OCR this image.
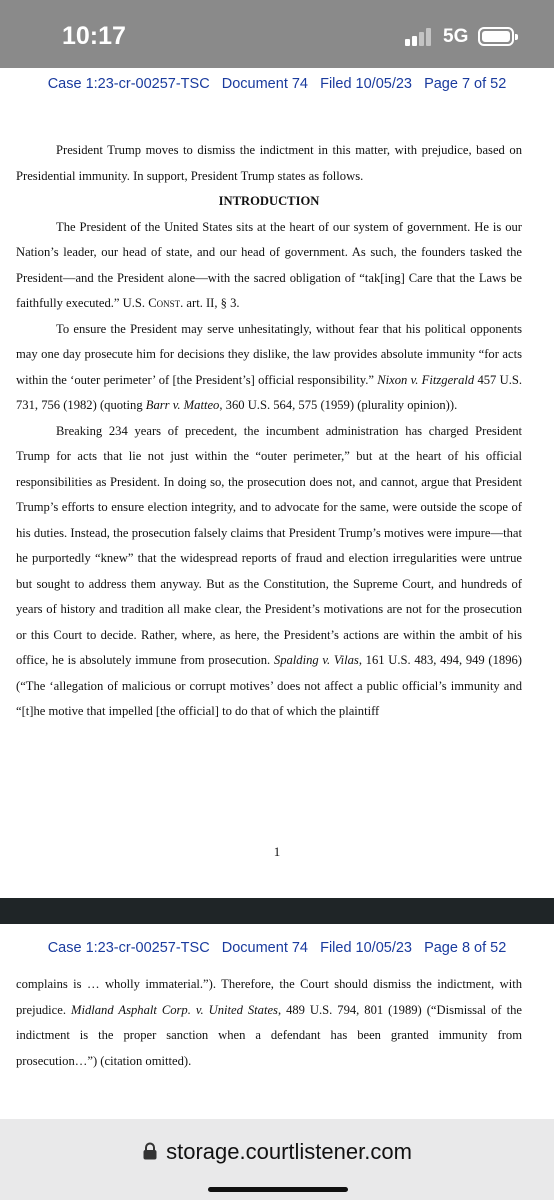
10:17	5G
Case 1:23-cr-00257-TSC   Document 74   Filed 10/05/23   Page 7 of 52

President Trump moves to dismiss the indictment in this matter, with prejudice, based on Presidential immunity. In support, President Trump states as follows.

INTRODUCTION

The President of the United States sits at the heart of our system of government. He is our Nation’s leader, our head of state, and our head of government. As such, the founders tasked the President—and the President alone—with the sacred obligation of “tak[ing] Care that the Laws be faithfully executed.” U.S. Const. art. II, § 3.

To ensure the President may serve unhesitatingly, without fear that his political opponents may one day prosecute him for decisions they dislike, the law provides absolute immunity “for acts within the ‘outer perimeter’ of [the President’s] official responsibility.” Nixon v. Fitzgerald 457 U.S. 731, 756 (1982) (quoting Barr v. Matteo, 360 U.S. 564, 575 (1959) (plurality opinion)).

Breaking 234 years of precedent, the incumbent administration has charged President Trump for acts that lie not just within the “outer perimeter,” but at the heart of his official responsibilities as President. In doing so, the prosecution does not, and cannot, argue that President Trump’s efforts to ensure election integrity, and to advocate for the same, were outside the scope of his duties. Instead, the prosecution falsely claims that President Trump’s motives were impure—that he purportedly “knew” that the widespread reports of fraud and election irregularities were untrue but sought to address them anyway. But as the Constitution, the Supreme Court, and hundreds of years of history and tradition all make clear, the President’s motivations are not for the prosecution or this Court to decide. Rather, where, as here, the President’s actions are within the ambit of his office, he is absolutely immune from prosecution. Spalding v. Vilas, 161 U.S. 483, 494, 949 (1896) (“The ‘allegation of malicious or corrupt motives’ does not affect a public official’s immunity and “[t]he motive that impelled [the official] to do that of which the plaintiff

1
Case 1:23-cr-00257-TSC   Document 74   Filed 10/05/23   Page 8 of 52

complains is … wholly immaterial.”). Therefore, the Court should dismiss the indictment, with prejudice. Midland Asphalt Corp. v. United States, 489 U.S. 794, 801 (1989) (“Dismissal of the indictment is the proper sanction when a defendant has been granted immunity from prosecution…”) (citation omitted).

storage.courtlistener.com
